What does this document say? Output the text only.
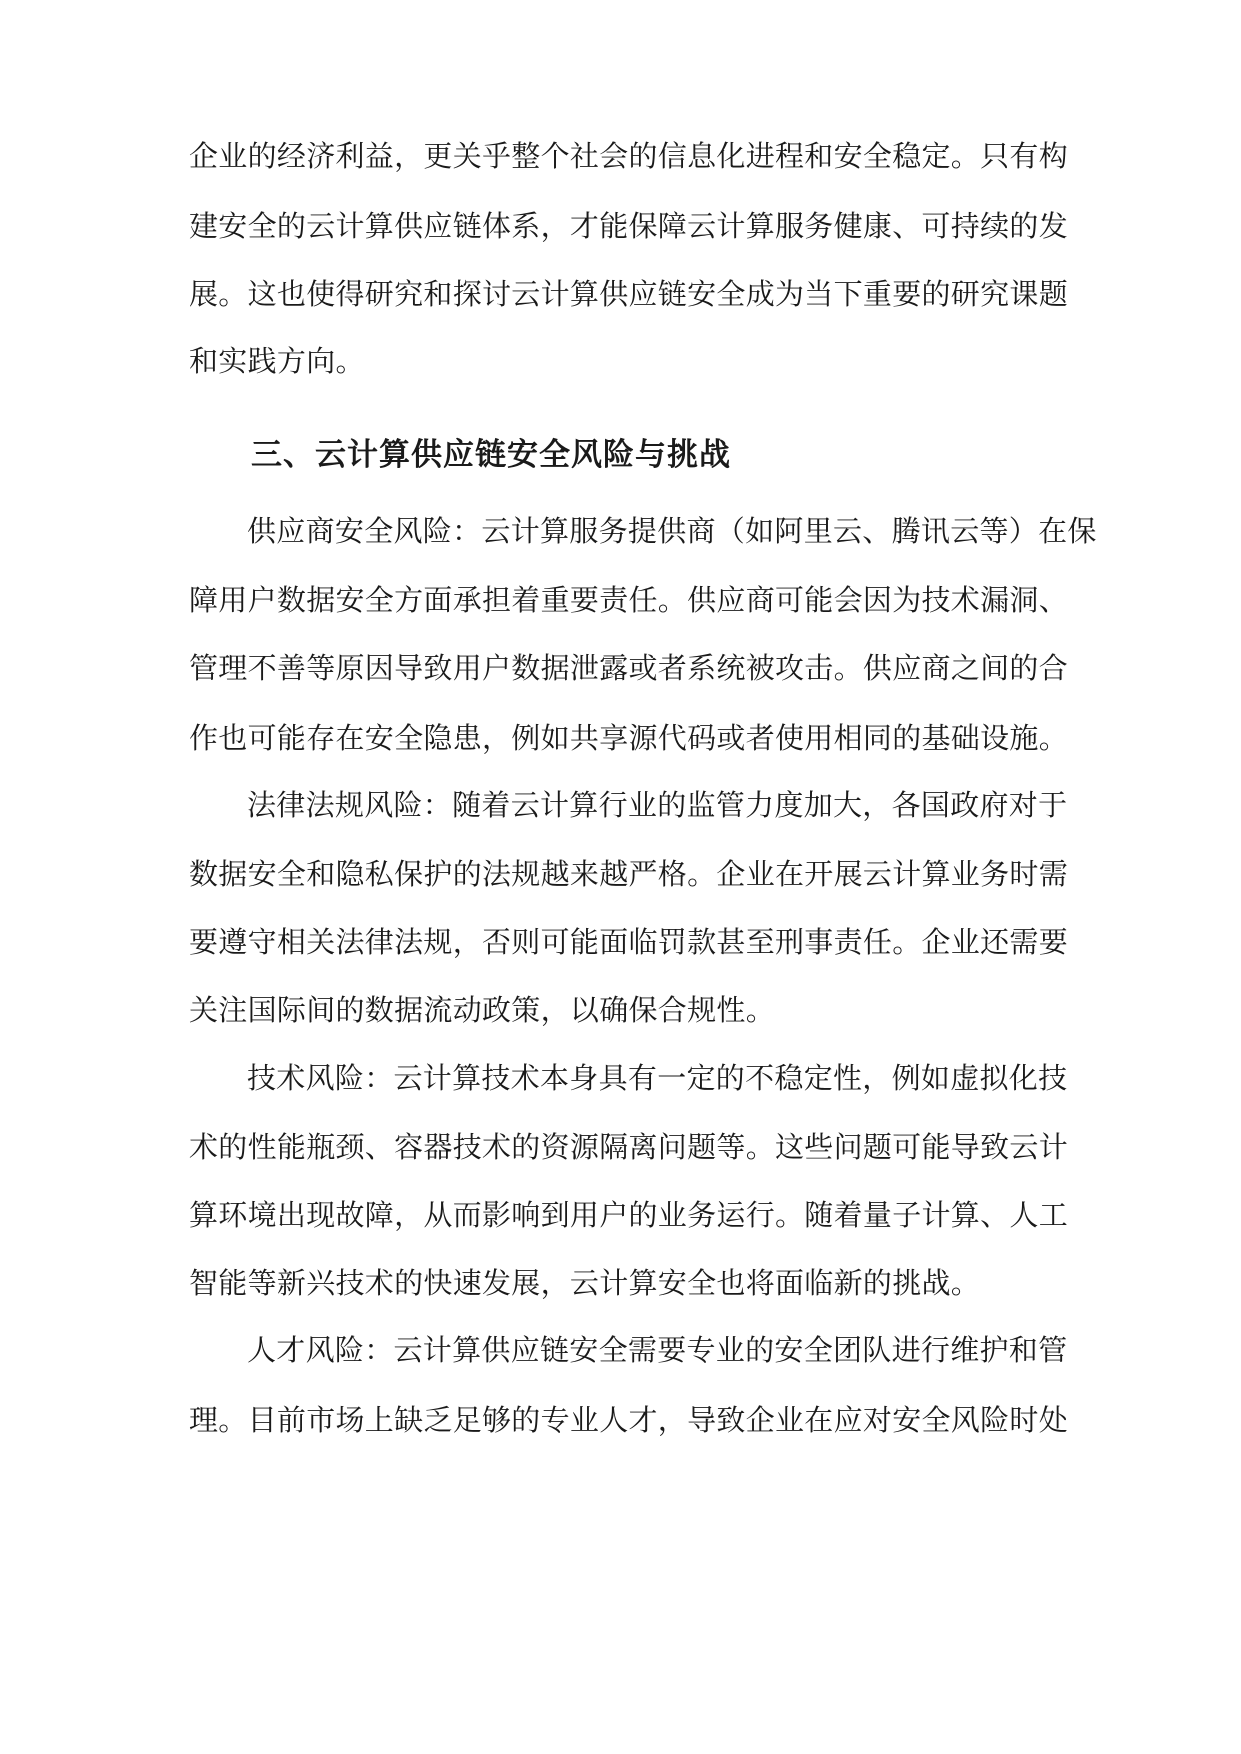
企业的经济利益，更关乎整个社会的信息化进程和安全稳定。只有构
建安全的云计算供应链体系，才能保障云计算服务健康、可持续的发
展。这也使得研究和探讨云计算供应链安全成为当下重要的研究课题
和实践方向。
三、云计算供应链安全风险与挑战
供应商安全风险：云计算服务提供商（如阿里云、腾讯云等）在保
障用户数据安全方面承担着重要责任。供应商可能会因为技术漏洞、
管理不善等原因导致用户数据泄露或者系统被攻击。供应商之间的合
作也可能存在安全隐患，例如共享源代码或者使用相同的基础设施。
法律法规风险：随着云计算行业的监管力度加大，各国政府对于
数据安全和隐私保护的法规越来越严格。企业在开展云计算业务时需
要遵守相关法律法规，否则可能面临罚款甚至刑事责任。企业还需要
关注国际间的数据流动政策，以确保合规性。
技术风险：云计算技术本身具有一定的不稳定性，例如虚拟化技
术的性能瓶颈、容器技术的资源隔离问题等。这些问题可能导致云计
算环境出现故障，从而影响到用户的业务运行。随着量子计算、人工
智能等新兴技术的快速发展，云计算安全也将面临新的挑战。
人才风险：云计算供应链安全需要专业的安全团队进行维护和管
理。目前市场上缺乏足够的专业人才，导致企业在应对安全风险时处
